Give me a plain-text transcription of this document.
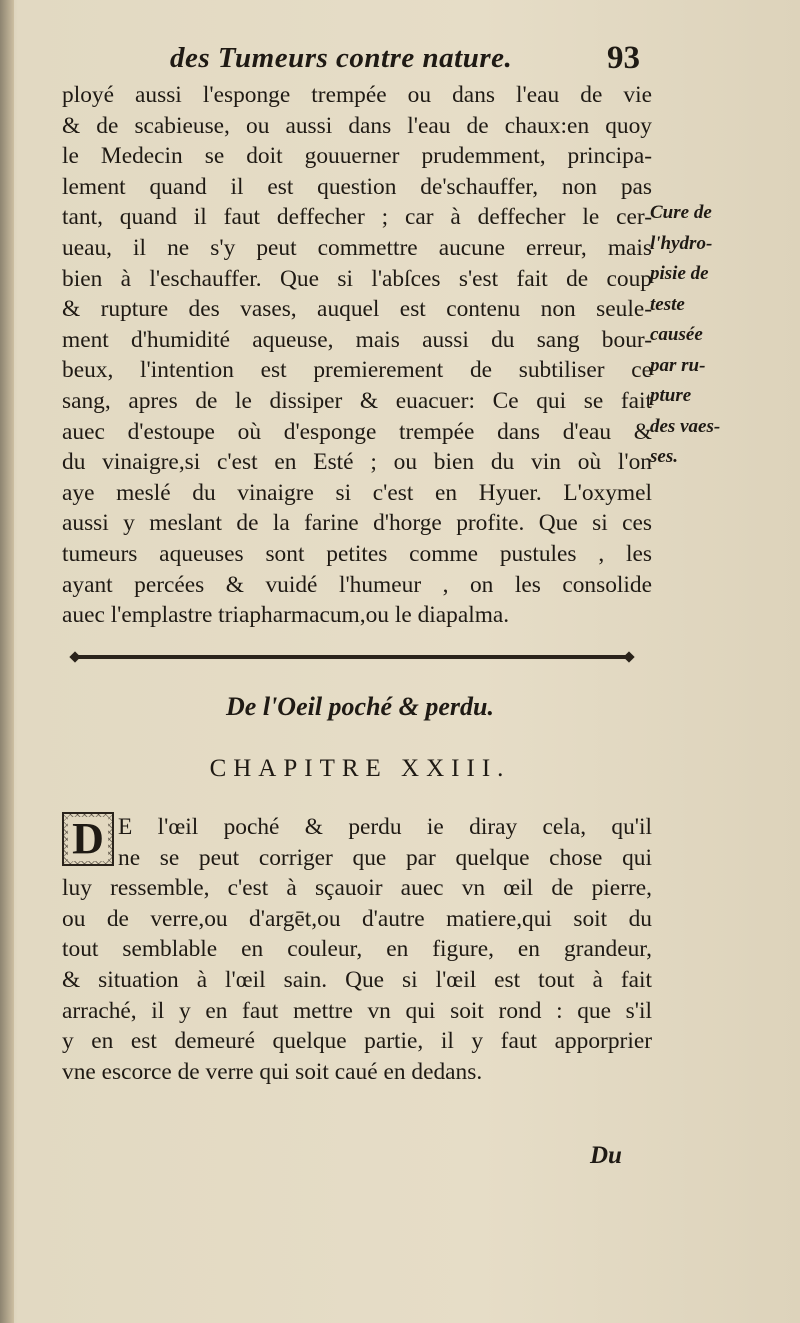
des Tumeurs contre nature.	93
ployé aussi l'esponge trempée ou dans l'eau de vie
& de scabieuse, ou aussi dans l'eau de chaux:en quoy
le Medecin se doit gouuerner prudemment, principa-
lement quand il est question de'schauffer, non pas
tant, quand il faut deffecher ; car à deffecher le cer-
ueau, il ne s'y peut commettre aucune erreur, mais
bien à l'eschauffer. Que si l'abſces s'est fait de coup
& rupture des vases, auquel est contenu non seule-
ment d'humidité aqueuse, mais aussi du sang bour-
beux, l'intention est premierement de subtiliser ce
sang, apres de le dissiper & euacuer: Ce qui se fait
auec d'estoupe où d'esponge trempée dans d'eau &
du vinaigre,si c'est en Esté ; ou bien du vin où l'on
aye meslé du vinaigre si c'est en Hyuer. L'oxymel
aussi y meslant de la farine d'horge profite. Que si ces
tumeurs aqueuses sont petites comme pustules , les
ayant percées & vuidé l'humeur , on les consolide
auec l'emplastre triapharmacum,ou le diapalma.
Cure de
l'hydro-
pisie de
teste
causée
par ru-
pture
des vaes-
ses.
De l'Oeil poché & perdu.
CHAPITRE XXIII.
D E l'œil poché & perdu ie diray cela, qu'il
ne se peut corriger que par quelque chose qui
luy ressemble, c'est à sçauoir auec vn œil de pierre,
ou de verre,ou d'argēt,ou d'autre matiere,qui soit du
tout semblable en couleur, en figure, en grandeur,
& situation à l'œil sain. Que si l'œil est tout à fait
arraché, il y en faut mettre vn qui soit rond : que s'il
y en est demeuré quelque partie, il y faut apporprier
vne escorce de verre qui soit caué en dedans.
Du
